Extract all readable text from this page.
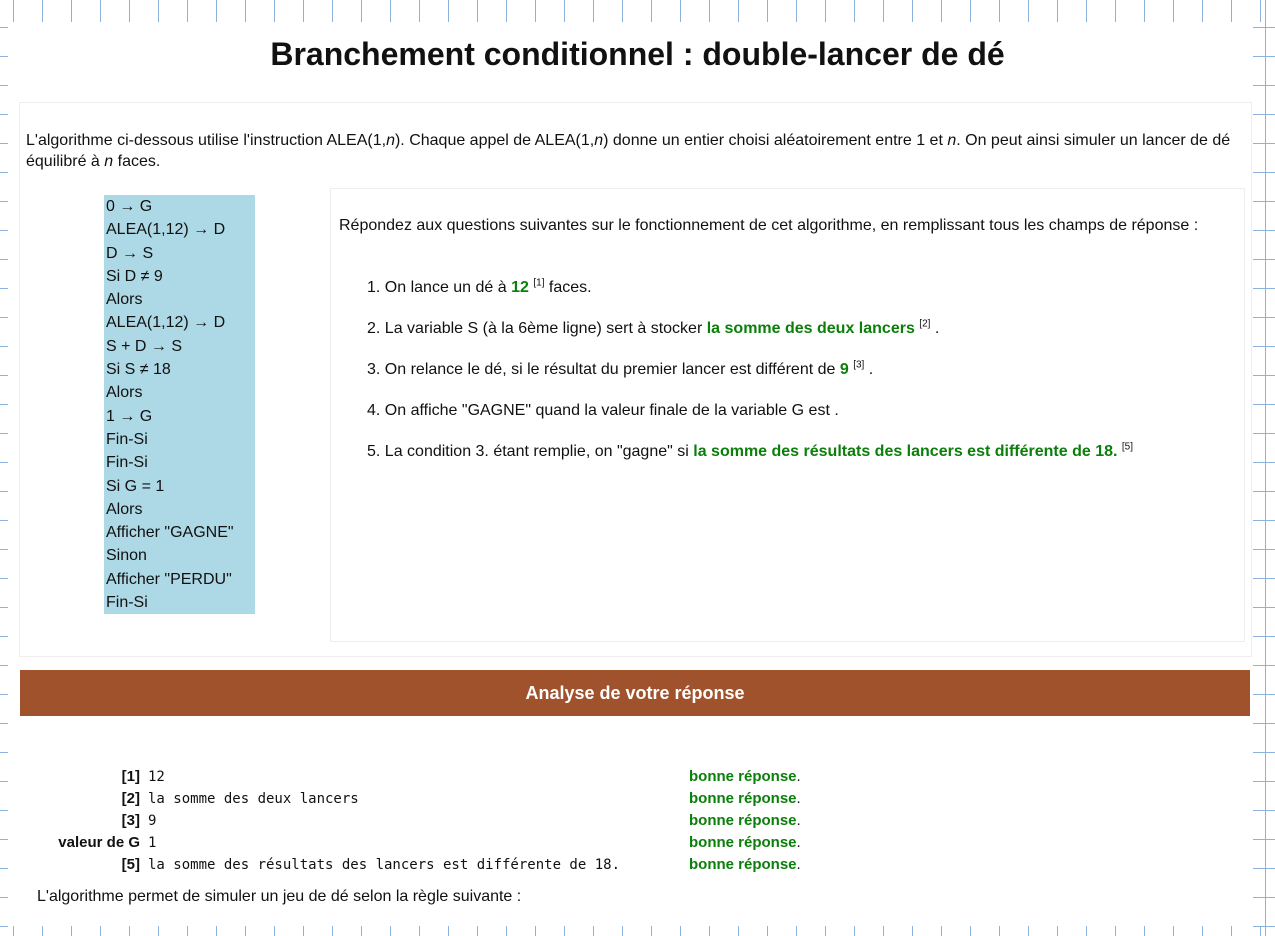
Branchement conditionnel : double-lancer de dé
L'algorithme ci-dessous utilise l'instruction ALEA(1,n). Chaque appel de ALEA(1,n) donne un entier choisi aléatoirement entre 1 et n. On peut ainsi simuler un lancer de dé équilibré à n faces.
0 → G
ALEA(1,12) → D
D → S
Si D ≠ 9
Alors
ALEA(1,12) → D
S + D → S
Si S ≠ 18
Alors
1 → G
Fin-Si
Fin-Si
Si G = 1
Alors
Afficher "GAGNE"
Sinon
Afficher "PERDU"
Fin-Si
Répondez aux questions suivantes sur le fonctionnement de cet algorithme, en remplissant tous les champs de réponse :
1. On lance un dé à 12 [1] faces.
2. La variable S (à la 6ème ligne) sert à stocker la somme des deux lancers [2] .
3. On relance le dé, si le résultat du premier lancer est différent de 9 [3] .
4. On affiche "GAGNE" quand la valeur finale de la variable G est .
5. La condition 3. étant remplie, on "gagne" si la somme des résultats des lancers est différente de 18. [5]
Analyse de votre réponse
[1] 12	bonne réponse.
[2] la somme des deux lancers	bonne réponse.
[3] 9	bonne réponse.
valeur de G 1	bonne réponse.
[5] la somme des résultats des lancers est différente de 18.	bonne réponse.
L'algorithme permet de simuler un jeu de dé selon la règle suivante :
